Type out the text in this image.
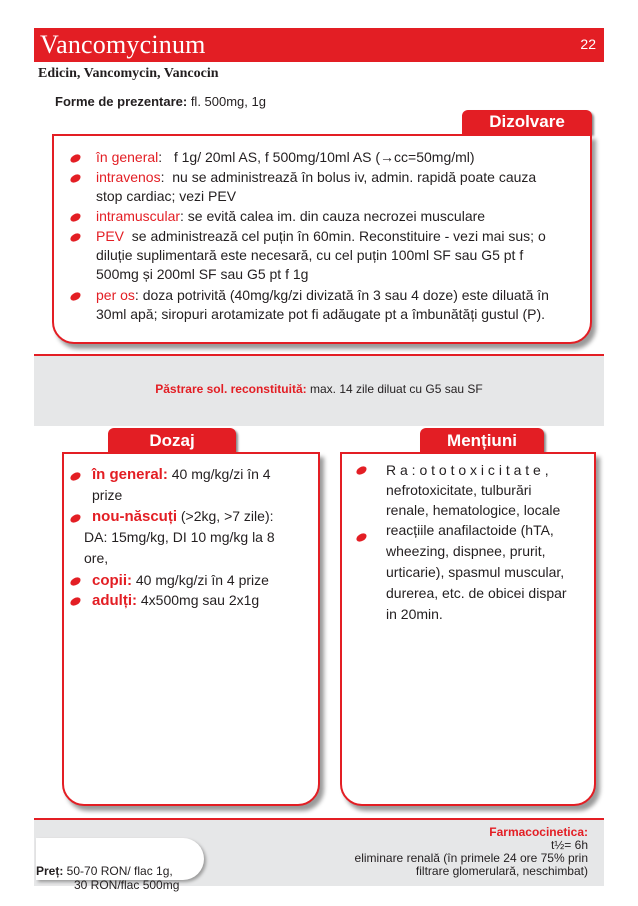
Vancomycinum	22
Edicin, Vancomycin, Vancocin
Forme de prezentare: fl. 500mg, 1g
Dizolvare
în general:   f 1g/ 20ml AS, f 500mg/10ml AS (→cc=50mg/ml)
intravenos:  nu se administrează în bolus iv, admin. rapidă poate cauza
stop cardiac; vezi PEV
intramuscular: se evită calea im. din cauza necrozei musculare
PEV  se administrează cel puțin în 60min. Reconstituire - vezi mai sus; o
diluție suplimentară este necesară, cu cel puțin 100ml SF sau G5 pt f
500mg și 200ml SF sau G5 pt f 1g
per os: doza potrivită (40mg/kg/zi divizată în 3 sau 4 doze) este diluată în
30ml apă; siropuri arotamizate pot fi adăugate pt a îmbunătăți gustul (P).
Păstrare sol. reconstituită: max. 14 zile diluat cu G5 sau SF
Dozaj
în general: 40 mg/kg/zi în 4
prize
nou-născuți (>2kg, >7 zile):
DA: 15mg/kg, DI 10 mg/kg la 8
ore,
copii: 40 mg/kg/zi în 4 prize
adulți: 4x500mg sau 2x1g
Mențiuni
R a : o t o t o x i c i t a t e ,
nefrotoxicitate, tulburări
renale, hematologice, locale
reacțiile anafilactoide (hTA,
wheezing, dispnee, prurit,
urticarie), spasmul muscular,
durerea, etc. de obicei dispar
in 20min.
Preț: 50-70 RON/ flac 1g,
30 RON/flac 500mg
Farmacocinetica:
t½= 6h
eliminare renală (în primele 24 ore 75% prin
filtrare glomerulară, neschimbat)
